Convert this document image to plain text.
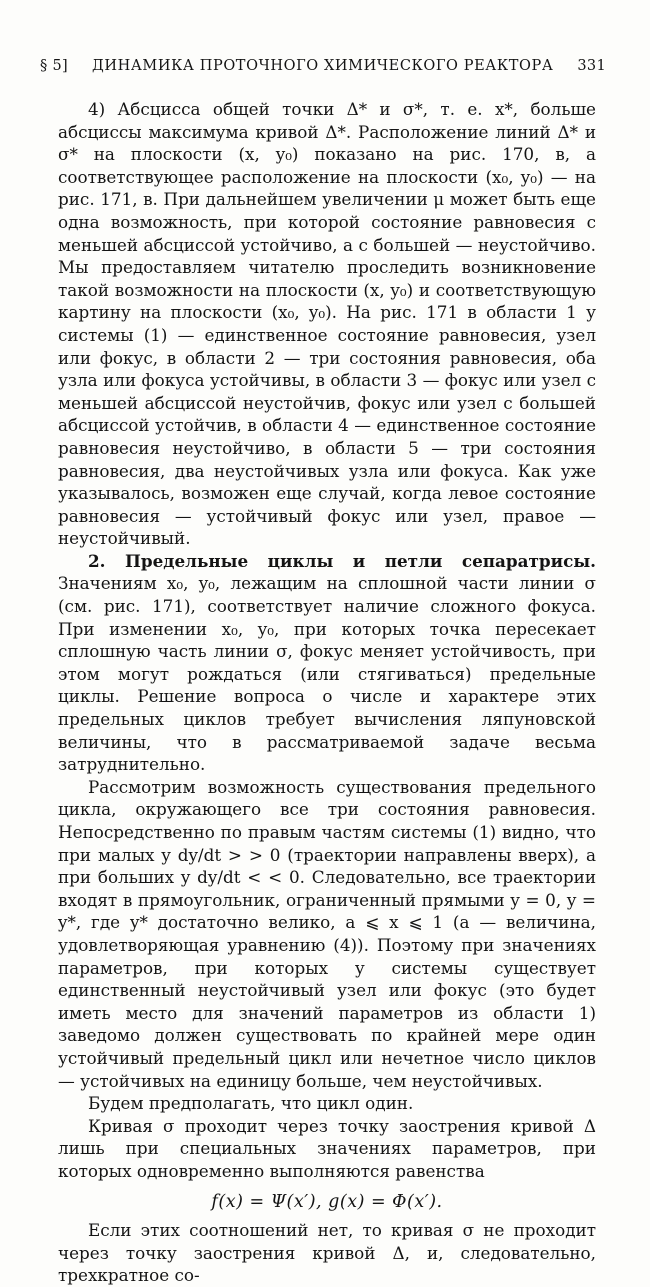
§ 5] ДИНАМИКА ПРОТОЧНОГО ХИМИЧЕСКОГО РЕАКТОРА 331

4) Абсцисса общей точки Δ* и σ*, т. е. x*, больше абсциссы максимума кривой Δ*. Расположение линий Δ* и σ* на плоскости (x, y₀) показано на рис. 170, в, а соответствующее расположение на плоскости (x₀, y₀) — на рис. 171, в. При дальнейшем увеличении μ может быть еще одна возможность, при которой состояние равновесия с меньшей абсциссой устойчиво, а с большей — неустойчиво. Мы предоставляем читателю проследить возникновение такой возможности на плоскости (x, y₀) и соответствующую картину на плоскости (x₀, y₀). На рис. 171 в области 1 у системы (1) — единственное состояние равновесия, узел или фокус, в области 2 — три состояния равновесия, оба узла или фокуса устойчивы, в области 3 — фокус или узел с меньшей абсциссой неустойчив, фокус или узел с большей абсциссой устойчив, в области 4 — единственное состояние равновесия неустойчиво, в области 5 — три состояния равновесия, два неустойчивых узла или фокуса. Как уже указывалось, возможен еще случай, когда левое состояние равновесия — устойчивый фокус или узел, правое — неустойчивый.

2. Предельные циклы и петли сепаратрисы. Значениям x₀, y₀, лежащим на сплошной части линии σ (см. рис. 171), соответствует наличие сложного фокуса. При изменении x₀, y₀, при которых точка пересекает сплошную часть линии σ, фокус меняет устойчивость, при этом могут рождаться (или стягиваться) предельные циклы. Решение вопроса о числе и характере этих предельных циклов требует вычисления ляпуновской величины, что в рассматриваемой задаче весьма затруднительно.

Рассмотрим возможность существования предельного цикла, окружающего все три состояния равновесия. Непосредственно по правым частям системы (1) видно, что при малых y dy/dt > > 0 (траектории направлены вверх), а при больших y dy/dt < < 0. Следовательно, все траектории входят в прямоугольник, ограниченный прямыми y = 0, y = y*, где y* достаточно велико, a ⩽ x ⩽ 1 (a — величина, удовлетворяющая уравнению (4)). Поэтому при значениях параметров, при которых у системы существует единственный неустойчивый узел или фокус (это будет иметь место для значений параметров из области 1) заведомо должен существовать по крайней мере один устойчивый предельный цикл или нечетное число циклов — устойчивых на единицу больше, чем неустойчивых.

Будем предполагать, что цикл один.

Кривая σ проходит через точку заострения кривой Δ лишь при специальных значениях параметров, при которых одновременно выполняются равенства

f(x) = Ψ(x′), g(x) = Φ(x′).

Если этих соотношений нет, то кривая σ не проходит через точку заострения кривой Δ, и, следовательно, трехкратное со-
